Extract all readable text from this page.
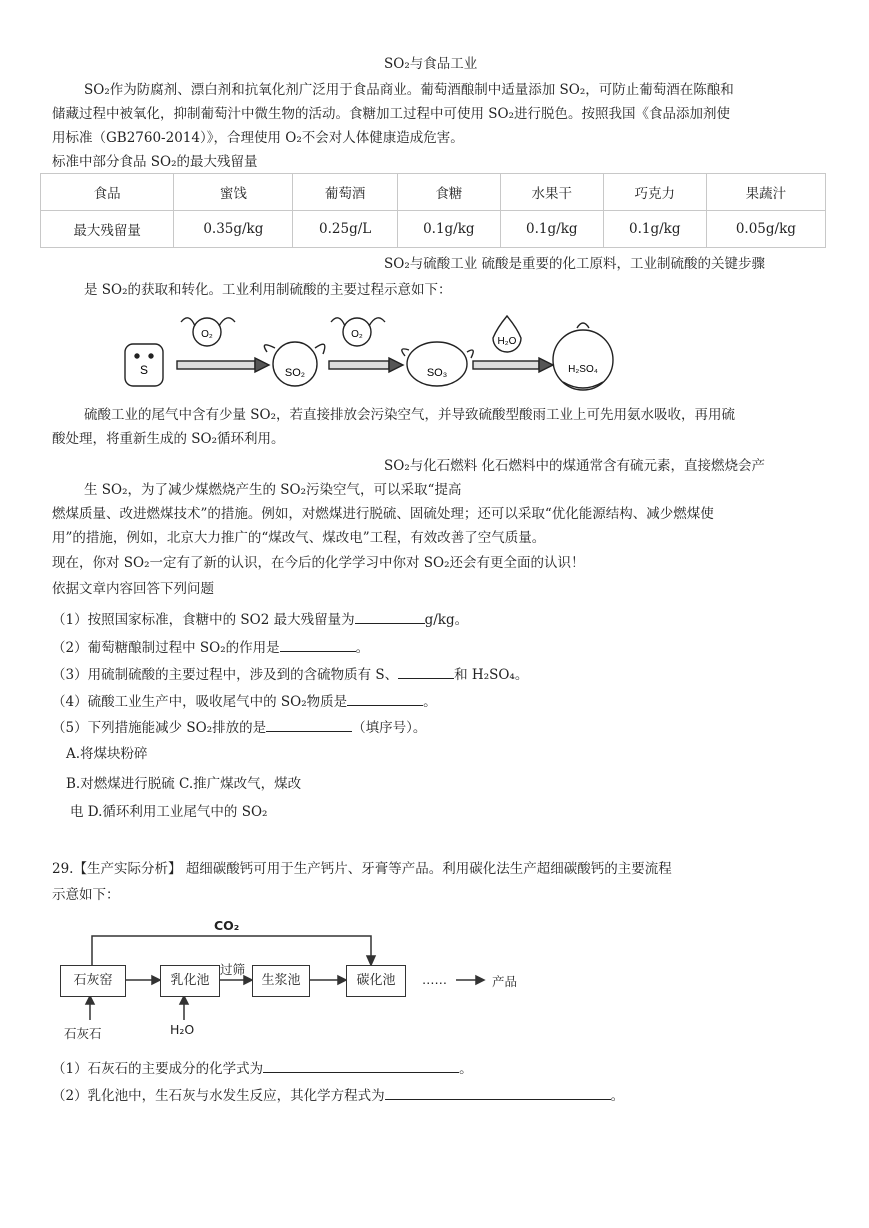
SO₂与食品工业
SO₂作为防腐剂、漂白剂和抗氧化剂广泛用于食品商业。葡萄酒酿制中适量添加 SO₂，可防止葡萄酒在陈酿和
储藏过程中被氧化，抑制葡萄汁中微生物的活动。食糖加工过程中可使用 SO₂进行脱色。按照我国《食品添加剂使
用标准（GB2760-2014）》，合理使用 O₂不会对人体健康造成危害。
标准中部分食品 SO₂的最大残留量
食品	蜜饯	葡萄酒	食糖	水果干	巧克力	果蔬汁
最大残留量	0.35g/kg	0.25g/L	0.1g/kg	0.1g/kg	0.1g/kg	0.05g/kg
SO₂与硫酸工业 硫酸是重要的化工原料，工业制硫酸的关键步骤
是 SO₂的获取和转化。工业利用制硫酸的主要过程示意如下：
S
O₂
SO₂
O₂
SO₃
H₂O
H₂SO₄
硫酸工业的尾气中含有少量 SO₂，若直接排放会污染空气，并导致硫酸型酸雨工业上可先用氨水吸收，再用硫
酸处理，将重新生成的 SO₂循环利用。
SO₂与化石燃料 化石燃料中的煤通常含有硫元素，直接燃烧会产
生 SO₂，为了减少煤燃烧产生的 SO₂污染空气，可以采取“提高
燃煤质量、改进燃煤技术”的措施。例如，对燃煤进行脱硫、固硫处理；还可以采取“优化能源结构、减少燃煤使
用”的措施，例如，北京大力推广的“煤改气、煤改电”工程，有效改善了空气质量。
现在，你对 SO₂一定有了新的认识，在今后的化学学习中你对 SO₂还会有更全面的认识！
依据文章内容回答下列问题
（1）按照国家标准，食糖中的 SO2 最大残留量为	g/kg。
（2）葡萄糖酿制过程中 SO₂的作用是	。
（3）用硫制硫酸的主要过程中，涉及到的含硫物质有 S、	和 H₂SO₄。
（4）硫酸工业生产中，吸收尾气中的 SO₂物质是	。
（5）下列措施能减少 SO₂排放的是	（填序号）。
A.将煤块粉碎
B.对燃煤进行脱硫 C.推广煤改气，煤改
电 D.循环利用工业尾气中的 SO₂
29.【生产实际分析】 超细碳酸钙可用于生产钙片、牙膏等产品。利用碳化法生产超细碳酸钙的主要流程
示意如下：
CO₂
石灰窑	乳化池
过筛
生浆池	碳化池	……	产品
石灰石	H₂O
（1）石灰石的主要成分的化学式为	。
（2）乳化池中，生石灰与水发生反应，其化学方程式为	。
